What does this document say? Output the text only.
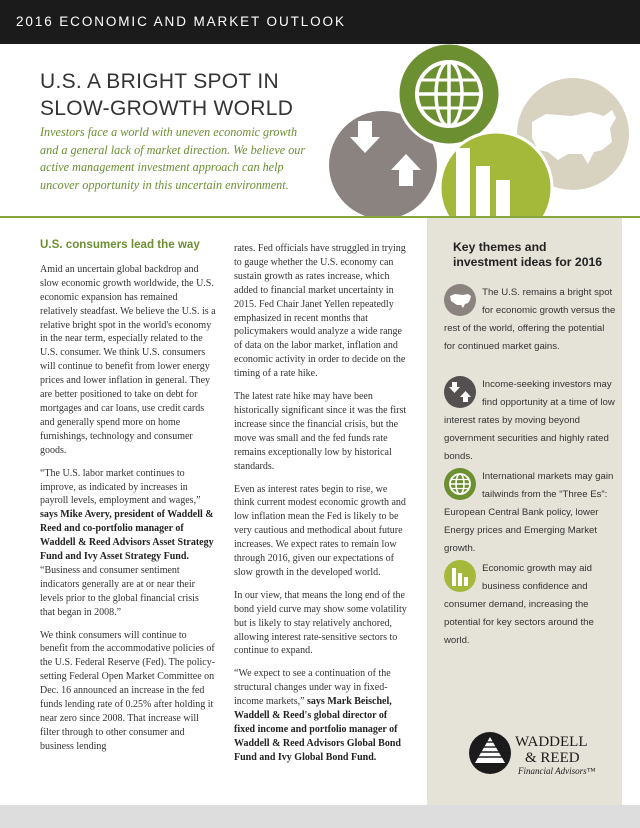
2016 ECONOMIC AND MARKET OUTLOOK
U.S. A BRIGHT SPOT IN
SLOW-GROWTH WORLD

Investors face a world with uneven economic growth and a general lack of market direction. We believe our active management investment approach can help uncover opportunity in this uncertain environment.

U.S. consumers lead the way

Amid an uncertain global backdrop and slow economic growth worldwide, the U.S. economic expansion has remained relatively steadfast. We believe the U.S. is a relative bright spot in the world's economy in the near term, especially related to the U.S. consumer. We think U.S. consumers will continue to benefit from lower energy prices and lower inflation in general. They are better positioned to take on debt for mortgages and car loans, use credit cards and generally spend more on home furnishings, technology and consumer goods.

“The U.S. labor market continues to improve, as indicated by increases in payroll levels, employment and wages,” says Mike Avery, president of Waddell & Reed and co-portfolio manager of Waddell & Reed Advisors Asset Strategy Fund and Ivy Asset Strategy Fund. “Business and consumer sentiment indicators generally are at or near their levels prior to the global financial crisis that began in 2008.”

We think consumers will continue to benefit from the accommodative policies of the U.S. Federal Reserve (Fed). The policy-setting Federal Open Market Committee on Dec. 16 announced an increase in the fed funds lending rate of 0.25% after holding it near zero since 2008. That increase will filter through to other consumer and business lending

rates. Fed officials have struggled in trying to gauge whether the U.S. economy can sustain growth as rates increase, which added to financial market uncertainty in 2015. Fed Chair Janet Yellen repeatedly emphasized in recent months that policymakers would analyze a wide range of data on the labor market, inflation and economic activity in order to decide on the timing of a rate hike.

The latest rate hike may have been historically significant since it was the first increase since the financial crisis, but the move was small and the fed funds rate remains exceptionally low by historical standards.

Even as interest rates begin to rise, we think current modest economic growth and low inflation mean the Fed is likely to be very cautious and methodical about future increases. We expect rates to remain low through 2016, given our expectations of slow growth in the developed world.

In our view, that means the long end of the bond yield curve may show some volatility but is likely to stay relatively anchored, allowing interest rate-sensitive sectors to continue to expand.

“We expect to see a continuation of the structural changes under way in fixed-income markets,” says Mark Beischel, Waddell & Reed's global director of fixed income and portfolio manager of Waddell & Reed Advisors Global Bond Fund and Ivy Global Bond Fund.

Key themes and investment ideas for 2016
The U.S. remains a bright spot for economic growth versus the rest of the world, offering the potential for continued market gains.
Income-seeking investors may find opportunity at a time of low interest rates by moving beyond government securities and highly rated bonds.
International markets may gain tailwinds from the “Three Es”: European Central Bank policy, lower Energy prices and Emerging Market growth.
Economic growth may aid business confidence and consumer demand, increasing the potential for key sectors around the world.
WADDELL
& REED
Financial Advisors™
